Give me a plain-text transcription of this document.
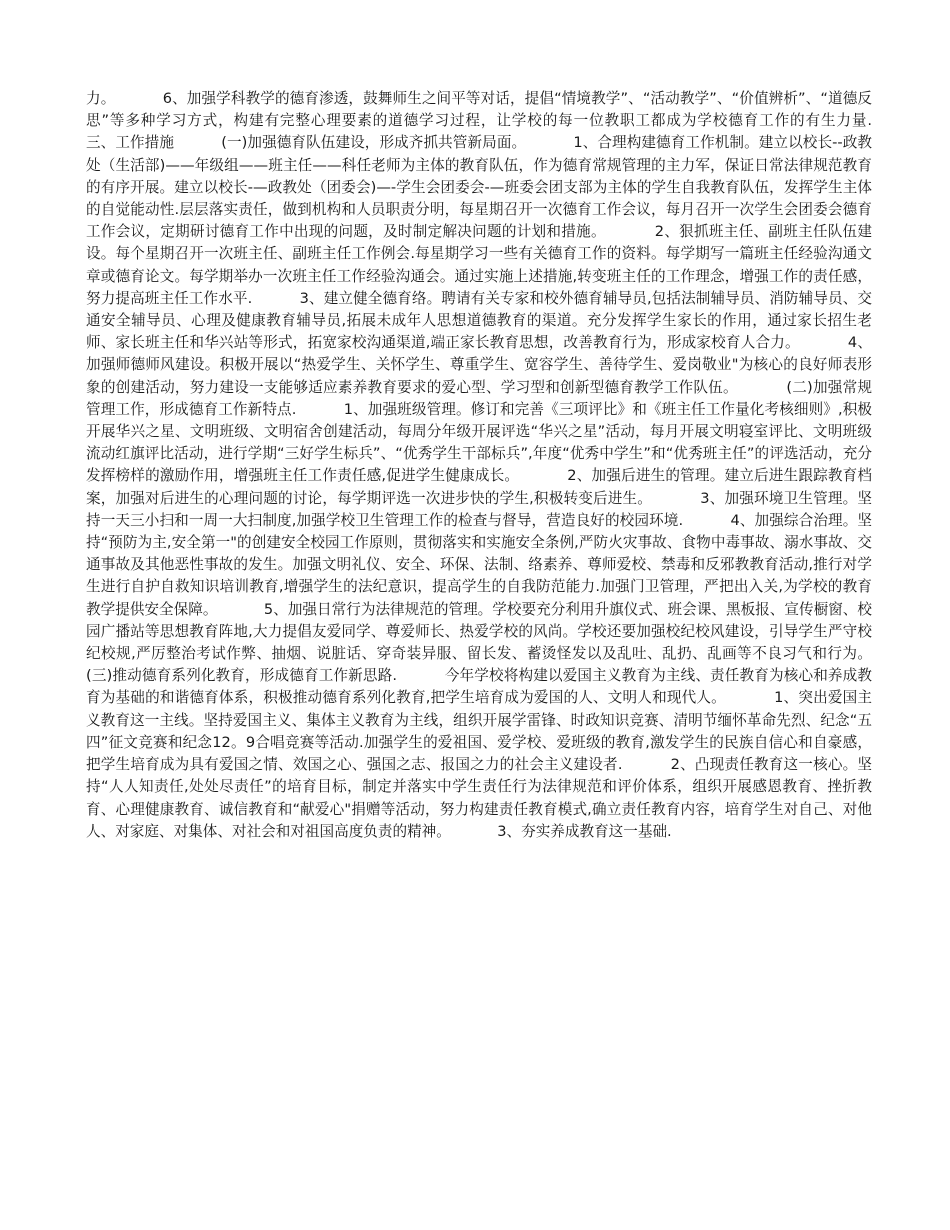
力。          6、加强学科教学的德育渗透，鼓舞师生之间平等对话，提倡“情境教学”、“活动教学”、“价值辨析”、“道德反思”等多种学习方式，构建有完整心理要素的道德学习过程，让学校的每一位教职工都成为学校德育工作的有生力量.          三、工作措施          (一)加强德育队伍建设，形成齐抓共管新局面。          1、合理构建德育工作机制。建立以校长--政教处（生活部)——年级组——班主任——科任老师为主体的教育队伍，作为德育常规管理的主力军，保证日常法律规范教育的有序开展。建立以校长-—政教处（团委会)—-学生会团委会-—班委会团支部为主体的学生自我教育队伍，发挥学生主体的自觉能动性.层层落实责任，做到机构和人员职责分明，每星期召开一次德育工作会议，每月召开一次学生会团委会德育工作会议，定期研讨德育工作中出现的问题，及时制定解决问题的计划和措施。          2、狠抓班主任、副班主任队伍建设。每个星期召开一次班主任、副班主任工作例会.每星期学习一些有关德育工作的资料。每学期写一篇班主任经验沟通文章或德育论文。每学期举办一次班主任工作经验沟通会。通过实施上述措施,转变班主任的工作理念，增强工作的责任感，努力提高班主任工作水平.          3、建立健全德育络。聘请有关专家和校外德育辅导员,包括法制辅导员、消防辅导员、交通安全辅导员、心理及健康教育辅导员,拓展未成年人思想道德教育的渠道。充分发挥学生家长的作用，通过家长招生老师、家长班主任和华兴站等形式，拓宽家校沟通渠道,端正家长教育思想，改善教育行为，形成家校育人合力。          4、加强师德师风建设。积极开展以“热爱学生、关怀学生、尊重学生、宽容学生、善待学生、爱岗敬业"为核心的良好师表形象的创建活动，努力建设一支能够适应素养教育要求的爱心型、学习型和创新型德育教学工作队伍。          (二)加强常规管理工作，形成德育工作新特点.          1、加强班级管理。修订和完善《三项评比》和《班主任工作量化考核细则》,积极开展华兴之星、文明班级、文明宿舍创建活动，每周分年级开展评选“华兴之星”活动，每月开展文明寝室评比、文明班级流动红旗评比活动，进行学期“三好学生标兵”、“优秀学生干部标兵”,年度“优秀中学生”和“优秀班主任”的评选活动，充分发挥榜样的激励作用，增强班主任工作责任感,促进学生健康成长。          2、加强后进生的管理。建立后进生跟踪教育档案，加强对后进生的心理问题的讨论，每学期评选一次进步快的学生,积极转变后进生。          3、加强环境卫生管理。坚持一天三小扫和一周一大扫制度,加强学校卫生管理工作的检查与督导，营造良好的校园环境.          4、加强综合治理。坚持“预防为主,安全第一"的创建安全校园工作原则，贯彻落实和实施安全条例,严防火灾事故、食物中毒事故、溺水事故、交通事故及其他恶性事故的发生。加强文明礼仪、安全、环保、法制、络素养、尊师爱校、禁毒和反邪教教育活动,推行对学生进行自护自救知识培训教育,增强学生的法纪意识，提高学生的自我防范能力.加强门卫管理，严把出入关,为学校的教育教学提供安全保障。          5、加强日常行为法律规范的管理。学校要充分利用升旗仪式、班会课、黑板报、宣传橱窗、校园广播站等思想教育阵地,大力提倡友爱同学、尊爱师长、热爱学校的风尚。学校还要加强校纪校风建设，引导学生严守校纪校规,严厉整治考试作弊、抽烟、说脏话、穿奇装异服、留长发、蓄烫怪发以及乱吐、乱扔、乱画等不良习气和行为。          (三)推动德育系列化教育，形成德育工作新思路.          今年学校将构建以爱国主义教育为主线、责任教育为核心和养成教育为基础的和谐德育体系，积极推动德育系列化教育,把学生培育成为爱国的人、文明人和现代人。          1、突出爱国主义教育这一主线。坚持爱国主义、集体主义教育为主线，组织开展学雷锋、时政知识竞赛、清明节缅怀革命先烈、纪念“五四”征文竞赛和纪念12。9合唱竞赛等活动.加强学生的爱祖国、爱学校、爱班级的教育,激发学生的民族自信心和自豪感，把学生培育成为具有爱国之情、效国之心、强国之志、报国之力的社会主义建设者.          2、凸现责任教育这一核心。坚持“人人知责任,处处尽责任”的培育目标，制定并落实中学生责任行为法律规范和评价体系，组织开展感恩教育、挫折教育、心理健康教育、诚信教育和“献爱心"捐赠等活动，努力构建责任教育模式,确立责任教育内容，培育学生对自己、对他人、对家庭、对集体、对社会和对祖国高度负责的精神。          3、夯实养成教育这一基础.
